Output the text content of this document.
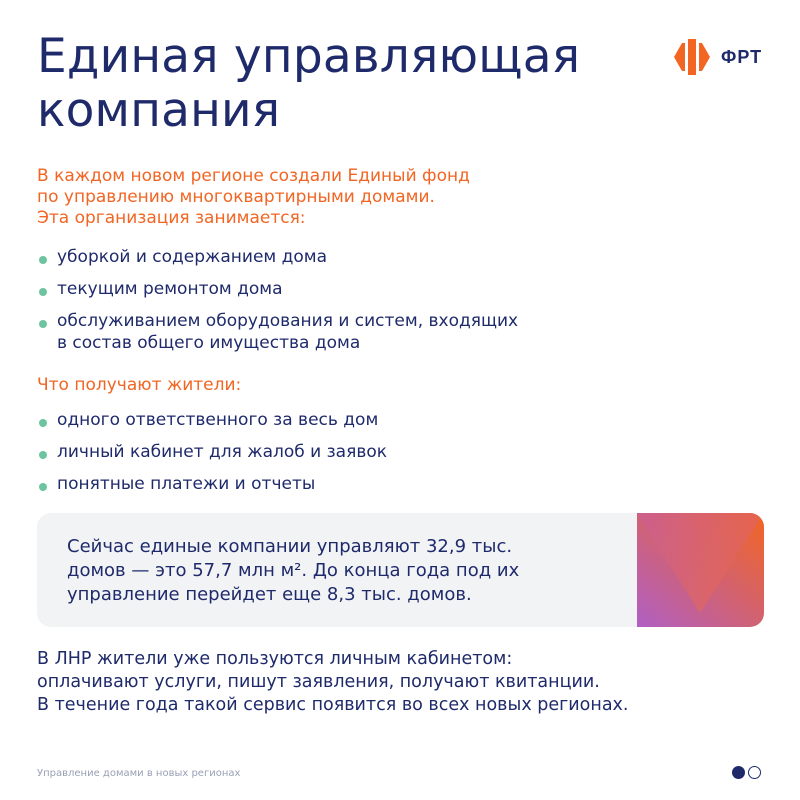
Единая управляющая
компания
ФРТ
В каждом новом регионе создали Единый фонд
по управлению многоквартирными домами.
Эта организация занимается:
уборкой и содержанием дома
текущим ремонтом дома
обслуживанием оборудования и систем, входящих
в состав общего имущества дома
Что получают жители:
одного ответственного за весь дом
личный кабинет для жалоб и заявок
понятные платежи и отчеты
Сейчас единые компании управляют 32,9 тыс.
домов — это 57,7 млн м². До конца года под их
управление перейдет еще 8,3 тыс. домов.
В ЛНР жители уже пользуются личным кабинетом:
оплачивают услуги, пишут заявления, получают квитанции.
В течение года такой сервис появится во всех новых регионах.
Управление домами в новых регионах
